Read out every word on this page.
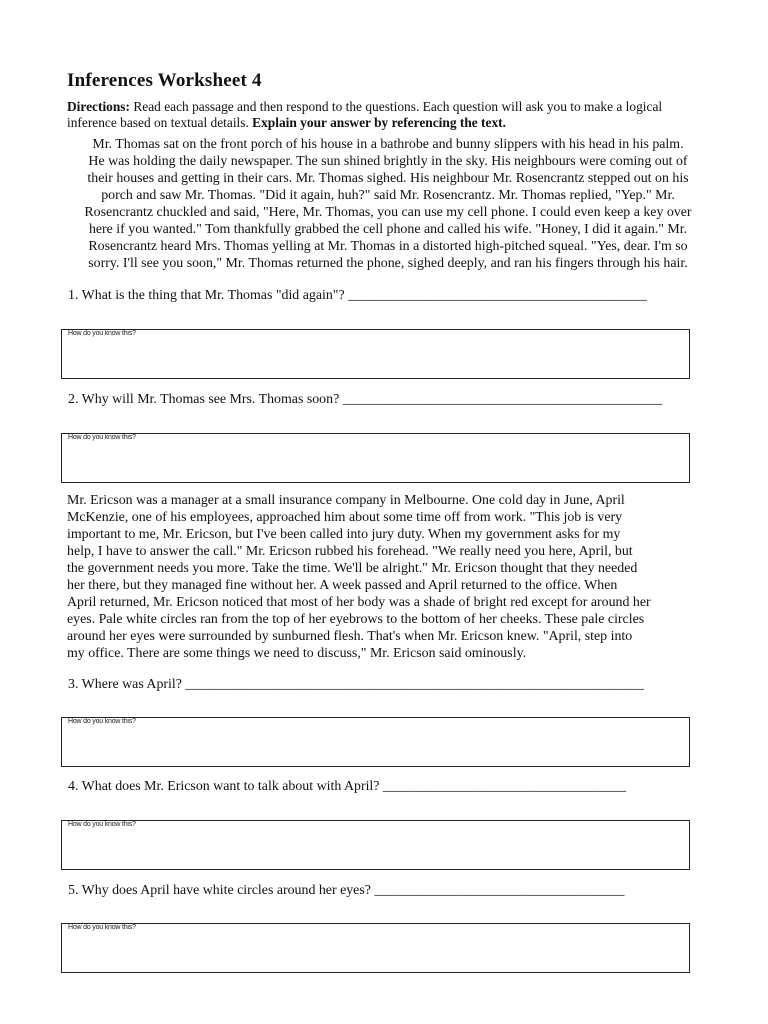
Inferences Worksheet 4
Directions: Read each passage and then respond to the questions. Each question will ask you to make a logical inference based on textual details. Explain your answer by referencing the text.
Mr. Thomas sat on the front porch of his house in a bathrobe and bunny slippers with his head in his palm.
He was holding the daily newspaper. The sun shined brightly in the sky. His neighbours were coming out of
their houses and getting in their cars. Mr. Thomas sighed. His neighbour Mr. Rosencrantz stepped out on his
porch and saw Mr. Thomas. "Did it again, huh?" said Mr. Rosencrantz. Mr. Thomas replied, "Yep." Mr.
Rosencrantz chuckled and said, "Here, Mr. Thomas, you can use my cell phone. I could even keep a key over
here if you wanted." Tom thankfully grabbed the cell phone and called his wife. "Honey, I did it again." Mr.
Rosencrantz heard Mrs. Thomas yelling at Mr. Thomas in a distorted high-pitched squeal. "Yes, dear. I'm so
sorry. I'll see you soon," Mr. Thomas returned the phone, sighed deeply, and ran his fingers through his hair.
1. What is the thing that Mr. Thomas "did again"? ___________________________________________
How do you know this?
2. Why will Mr. Thomas see Mrs. Thomas soon? ______________________________________________
How do you know this?
Mr. Ericson was a manager at a small insurance company in Melbourne. One cold day in June, April
McKenzie, one of his employees, approached him about some time off from work. "This job is very
important to me, Mr. Ericson, but I've been called into jury duty. When my government asks for my
help, I have to answer the call." Mr. Ericson rubbed his forehead. "We really need you here, April, but
the government needs you more. Take the time. We'll be alright." Mr. Ericson thought that they needed
her there, but they managed fine without her. A week passed and April returned to the office. When
April returned, Mr. Ericson noticed that most of her body was a shade of bright red except for around her
eyes. Pale white circles ran from the top of her eyebrows to the bottom of her cheeks. These pale circles
around her eyes were surrounded by sunburned flesh. That's when Mr. Ericson knew. "April, step into
my office. There are some things we need to discuss," Mr. Ericson said ominously.
3. Where was April? __________________________________________________________________
How do you know this?
4. What does Mr. Ericson want to talk about with April? ___________________________________
How do you know this?
5. Why does April have white circles around her eyes? ____________________________________
How do you know this?
